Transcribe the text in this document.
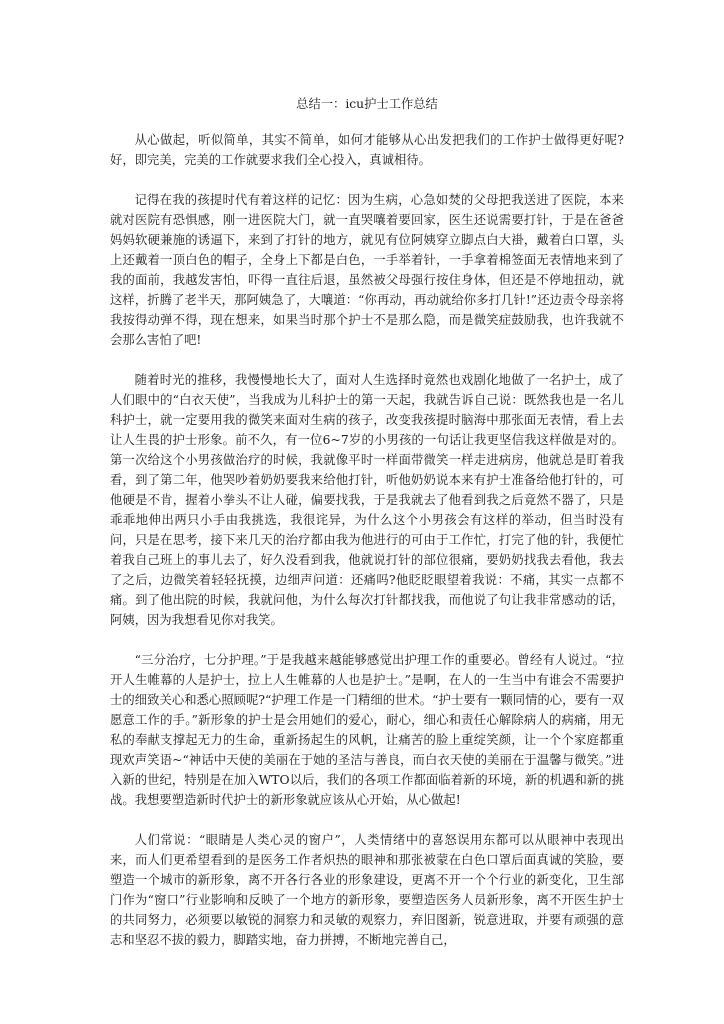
总结一：icu护士工作总结

从心做起，听似简单，其实不简单，如何才能够从心出发把我们的工作护士做得更好呢?好，即完美，完美的工作就要求我们全心投入，真诚相待。

记得在我的孩提时代有着这样的记忆：因为生病，心急如焚的父母把我送进了医院，本来就对医院有恐惧感，刚一进医院大门，就一直哭嚷着要回家，医生还说需要打针，于是在爸爸妈妈软硬兼施的诱逼下，来到了打针的地方，就见有位阿姨穿立脚点白大褂，戴着白口罩，头上还戴着一顶白色的帽子，全身上下都是白色，一手举着针，一手拿着棉签面无表情地来到了我的面前，我越发害怕，吓得一直往后退，虽然被父母强行按住身体，但还是不停地扭动，就这样，折腾了老半天，那阿姨急了，大嚷道：“你再动，再动就给你多打几针!”还边责令母亲将我按得动弹不得，现在想来，如果当时那个护士不是那么隐，而是微笑症鼓励我，也许我就不会那么害怕了吧!

随着时光的推移，我慢慢地长大了，面对人生选择时竟然也戏剧化地做了一名护士，成了人们眼中的“白衣天使”，当我成为儿科护士的第一天起，我就告诉自己说：既然我也是一名儿科护士，就一定要用我的微笑来面对生病的孩子，改变我孩提时脑海中那张面无表情，看上去让人生畏的护士形象。前不久，有一位6~7岁的小男孩的一句话让我更坚信我这样做是对的。第一次给这个小男孩做治疗的时候，我就像平时一样面带微笑一样走进病房，他就总是盯着我看，到了第二年，他哭吵着奶奶要我来给他打针，听他奶奶说本来有护士准备给他打针的，可他硬是不肯，握着小拳头不让人碰，偏要找我，于是我就去了他看到我之后竟然不器了，只是乖乖地伸出两只小手由我挑选，我很诧异，为什么这个小男孩会有这样的举动，但当时没有问，只是在思考，接下来几天的治疗都由我为他进行的可由于工作忙，打完了他的针，我便忙着我自己班上的事儿去了，好久没看到我，他就说打针的部位很痛，要奶奶找我去看他，我去了之后，边微笑着轻轻抚摸，边细声问道：还痛吗?他眨眨眼望着我说：不痛，其实一点都不痛。到了他出院的时候，我就问他，为什么每次打针都找我，而他说了句让我非常感动的话，阿姨，因为我想看见你对我笑。

“三分治疗，七分护理。”于是我越来越能够感觉出护理工作的重要必。曾经有人说过。“拉开人生帷幕的人是护士，拉上人生帷幕的人也是护士。”是啊，在人的一生当中有谁会不需要护士的细致关心和悉心照顾呢?“护理工作是一门精细的世术。“护士要有一颗同情的心，要有一双愿意工作的手。”新形象的护士是会用她们的爱心，耐心，细心和责任心解除病人的病痛，用无私的奉献支撑起无力的生命，重新扬起生的风帆，让痛苦的脸上重绽笑颜，让一个个家庭都重现欢声笑语~“神话中天使的美丽在于她的圣洁与善良，而白衣天使的美丽在于温馨与微笑。”进入新的世纪，特别是在加入WTO以后，我们的各项工作都面临着新的环境，新的机遇和新的挑战。我想要塑造新时代护士的新形象就应该从心开始，从心做起!

人们常说：“眼睛是人类心灵的窗户”，人类情绪中的喜怒误用东都可以从眼神中表现出来，而人们更希望看到的是医务工作者炽热的眼神和那张被蒙在白色口罩后面真诚的笑脸，要塑造一个城市的新形象，离不开各行各业的形象建设，更离不开一个个行业的新变化，卫生部门作为“窗口”行业影响和反映了一个地方的新形象，要塑造医务人员新形象，离不开医生护士的共同努力，必须要以敏锐的洞察力和灵敏的观察力，弃旧图新，锐意进取，并要有顽强的意志和坚忍不拔的毅力，脚踏实地，奋力拼搏，不断地完善自己，
